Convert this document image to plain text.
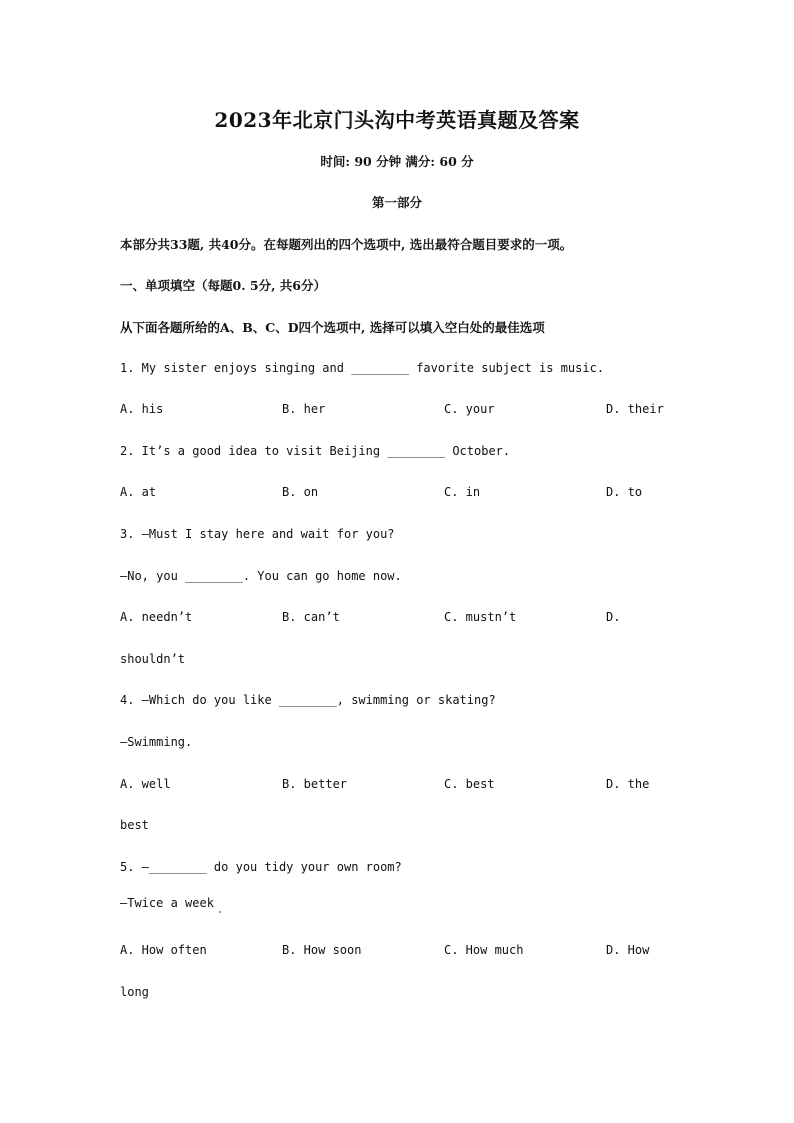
2023年北京门头沟中考英语真题及答案
时间: 90 分钟 满分: 60 分
第一部分
本部分共33题, 共40分。在每题列出的四个选项中, 选出最符合题目要求的一项。
一、单项填空（每题0. 5分, 共6分）
从下面各题所给的A、B、C、D四个选项中, 选择可以填入空白处的最佳选项
1. My sister enjoys singing and ________ favorite subject is music.
A. his	B. her	C. your	D. their
2. It’s a good idea to visit Beijing ________ October.
A. at	B. on	C. in	D. to
3. —Must I stay here and wait for you?
—No, you ________. You can go home now.
A. needn’t	B. can’t	C. mustn’t	D.
shouldn’t
4. —Which do you like ________, swimming or skating?
—Swimming.
A. well	B. better	C. best	D. the
best
5. —________ do you tidy your own room?
—Twice a week
A. How often	B. How soon	C. How much	D. How
long
